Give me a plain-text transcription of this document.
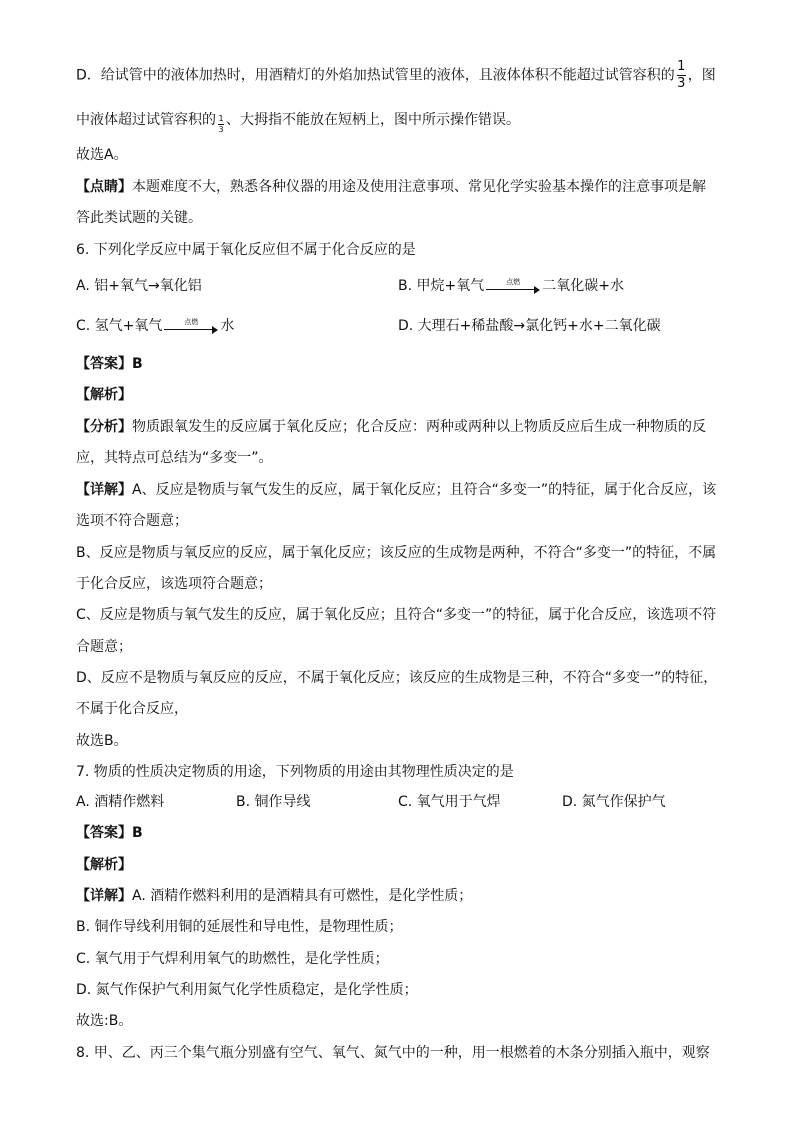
D．给试管中的液体加热时，用酒精灯的外焰加热试管里的液体，且液体体积不能超过试管容积的 $\frac{1}{3}$ ，图
中液体超过试管容积的 $\frac{1}{3}$ 、大拇指不能放在短柄上，图中所示操作错误。
故选A。
【点睛】本题难度不大，熟悉各种仪器的用途及使用注意事项、常见化学实验基本操作的注意事项是解
答此类试题的关键。
6. 下列化学反应中属于氧化反应但不属于化合反应的是
A. 铝+氧气→氧化铝	B. 甲烷+氧气	点燃 二氧化碳+水
C. 氢气+氧气	点燃 水	D. 大理石+稀盐酸→氯化钙+水+二氧化碳
【答案】B
【解析】
【分析】物质跟氧发生的反应属于氧化反应；化合反应：两种或两种以上物质反应后生成一种物质的反
应，其特点可总结为“多变一”。
【详解】A、反应是物质与氧气发生的反应，属于氧化反应；且符合“多变一”的特征，属于化合反应，该
选项不符合题意；
B、反应是物质与氧反应的反应，属于氧化反应；该反应的生成物是两种，不符合“多变一”的特征，不属
于化合反应，该选项符合题意；
C、反应是物质与氧气发生的反应，属于氧化反应；且符合“多变一”的特征，属于化合反应，该选项不符
合题意；
D、反应不是物质与氧反应的反应，不属于氧化反应；该反应的生成物是三种，不符合“多变一”的特征，
不属于化合反应，
故选B。
7. 物质的性质决定物质的用途，下列物质的用途由其物理性质决定的是
A. 酒精作燃料	B. 铜作导线	C. 氧气用于气焊	D. 氮气作保护气
【答案】B
【解析】
【详解】A. 酒精作燃料利用的是酒精具有可燃性，是化学性质；
B. 铜作导线利用铜的延展性和导电性，是物理性质；
C. 氧气用于气焊利用氧气的助燃性，是化学性质；
D. 氮气作保护气利用氮气化学性质稳定，是化学性质；
故选:B。
8. 甲、乙、丙三个集气瓶分别盛有空气、氧气、氮气中的一种，用一根燃着的木条分别插入瓶中，观察
